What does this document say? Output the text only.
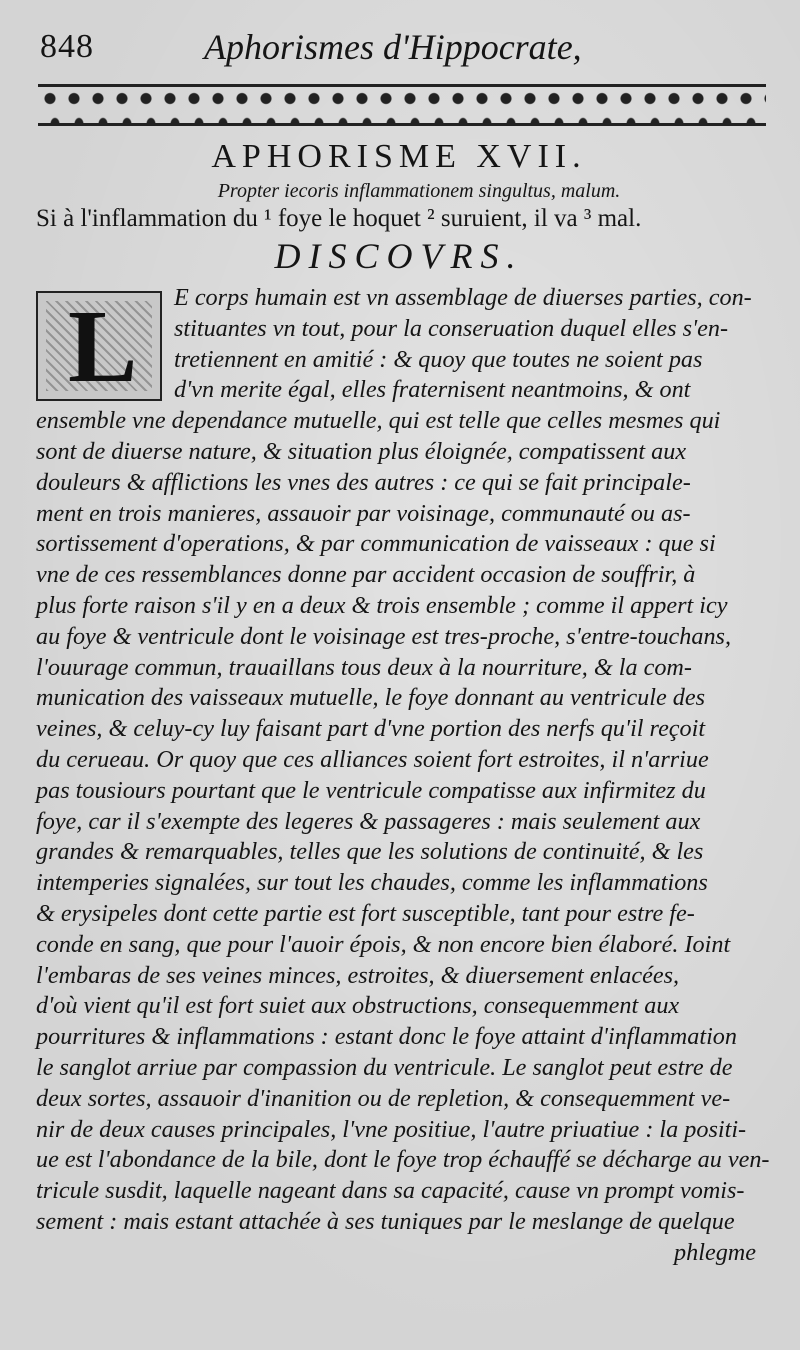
848	Aphorismes d'Hippocrate,
APHORISME XVII.
Propter iecoris inflammationem singultus, malum.
Si à l'inflammation du ¹ foye le hoquet ² suruient, il va ³ mal.
DISCOVRS.
L	E corps humain est vn assemblage de diuerses parties, con-
stituantes vn tout, pour la conseruation duquel elles s'en-
tretiennent en amitié : & quoy que toutes ne soient pas
d'vn merite égal, elles fraternisent neantmoins, & ont
ensemble vne dependance mutuelle, qui est telle que celles mesmes qui
sont de diuerse nature, & situation plus éloignée, compatissent aux
douleurs & afflictions les vnes des autres : ce qui se fait principale-
ment en trois manieres, assauoir par voisinage, communauté ou as-
sortissement d'operations, & par communication de vaisseaux : que si
vne de ces ressemblances donne par accident occasion de souffrir, à
plus forte raison s'il y en a deux & trois ensemble ; comme il appert icy
au foye & ventricule dont le voisinage est tres-proche, s'entre-touchans,
l'ouurage commun, trauaillans tous deux à la nourriture, & la com-
munication des vaisseaux mutuelle, le foye donnant au ventricule des
veines, & celuy-cy luy faisant part d'vne portion des nerfs qu'il reçoit
du cerueau. Or quoy que ces alliances soient fort estroites, il n'arriue
pas tousiours pourtant que le ventricule compatisse aux infirmitez du
foye, car il s'exempte des legeres & passageres : mais seulement aux
grandes & remarquables, telles que les solutions de continuité, & les
intemperies signalées, sur tout les chaudes, comme les inflammations
& erysipeles dont cette partie est fort susceptible, tant pour estre fe-
conde en sang, que pour l'auoir épois, & non encore bien élaboré. Ioint
l'embaras de ses veines minces, estroites, & diuersement enlacées,
d'où vient qu'il est fort suiet aux obstructions, consequemment aux
pourritures & inflammations : estant donc le foye attaint d'inflammation
le sanglot arriue par compassion du ventricule. Le sanglot peut estre de
deux sortes, assauoir d'inanition ou de repletion, & consequemment ve-
nir de deux causes principales, l'vne positiue, l'autre priuatiue : la positi-
ue est l'abondance de la bile, dont le foye trop échauffé se décharge au ven-
tricule susdit, laquelle nageant dans sa capacité, cause vn prompt vomis-
sement : mais estant attachée à ses tuniques par le meslange de quelque
phlegme
